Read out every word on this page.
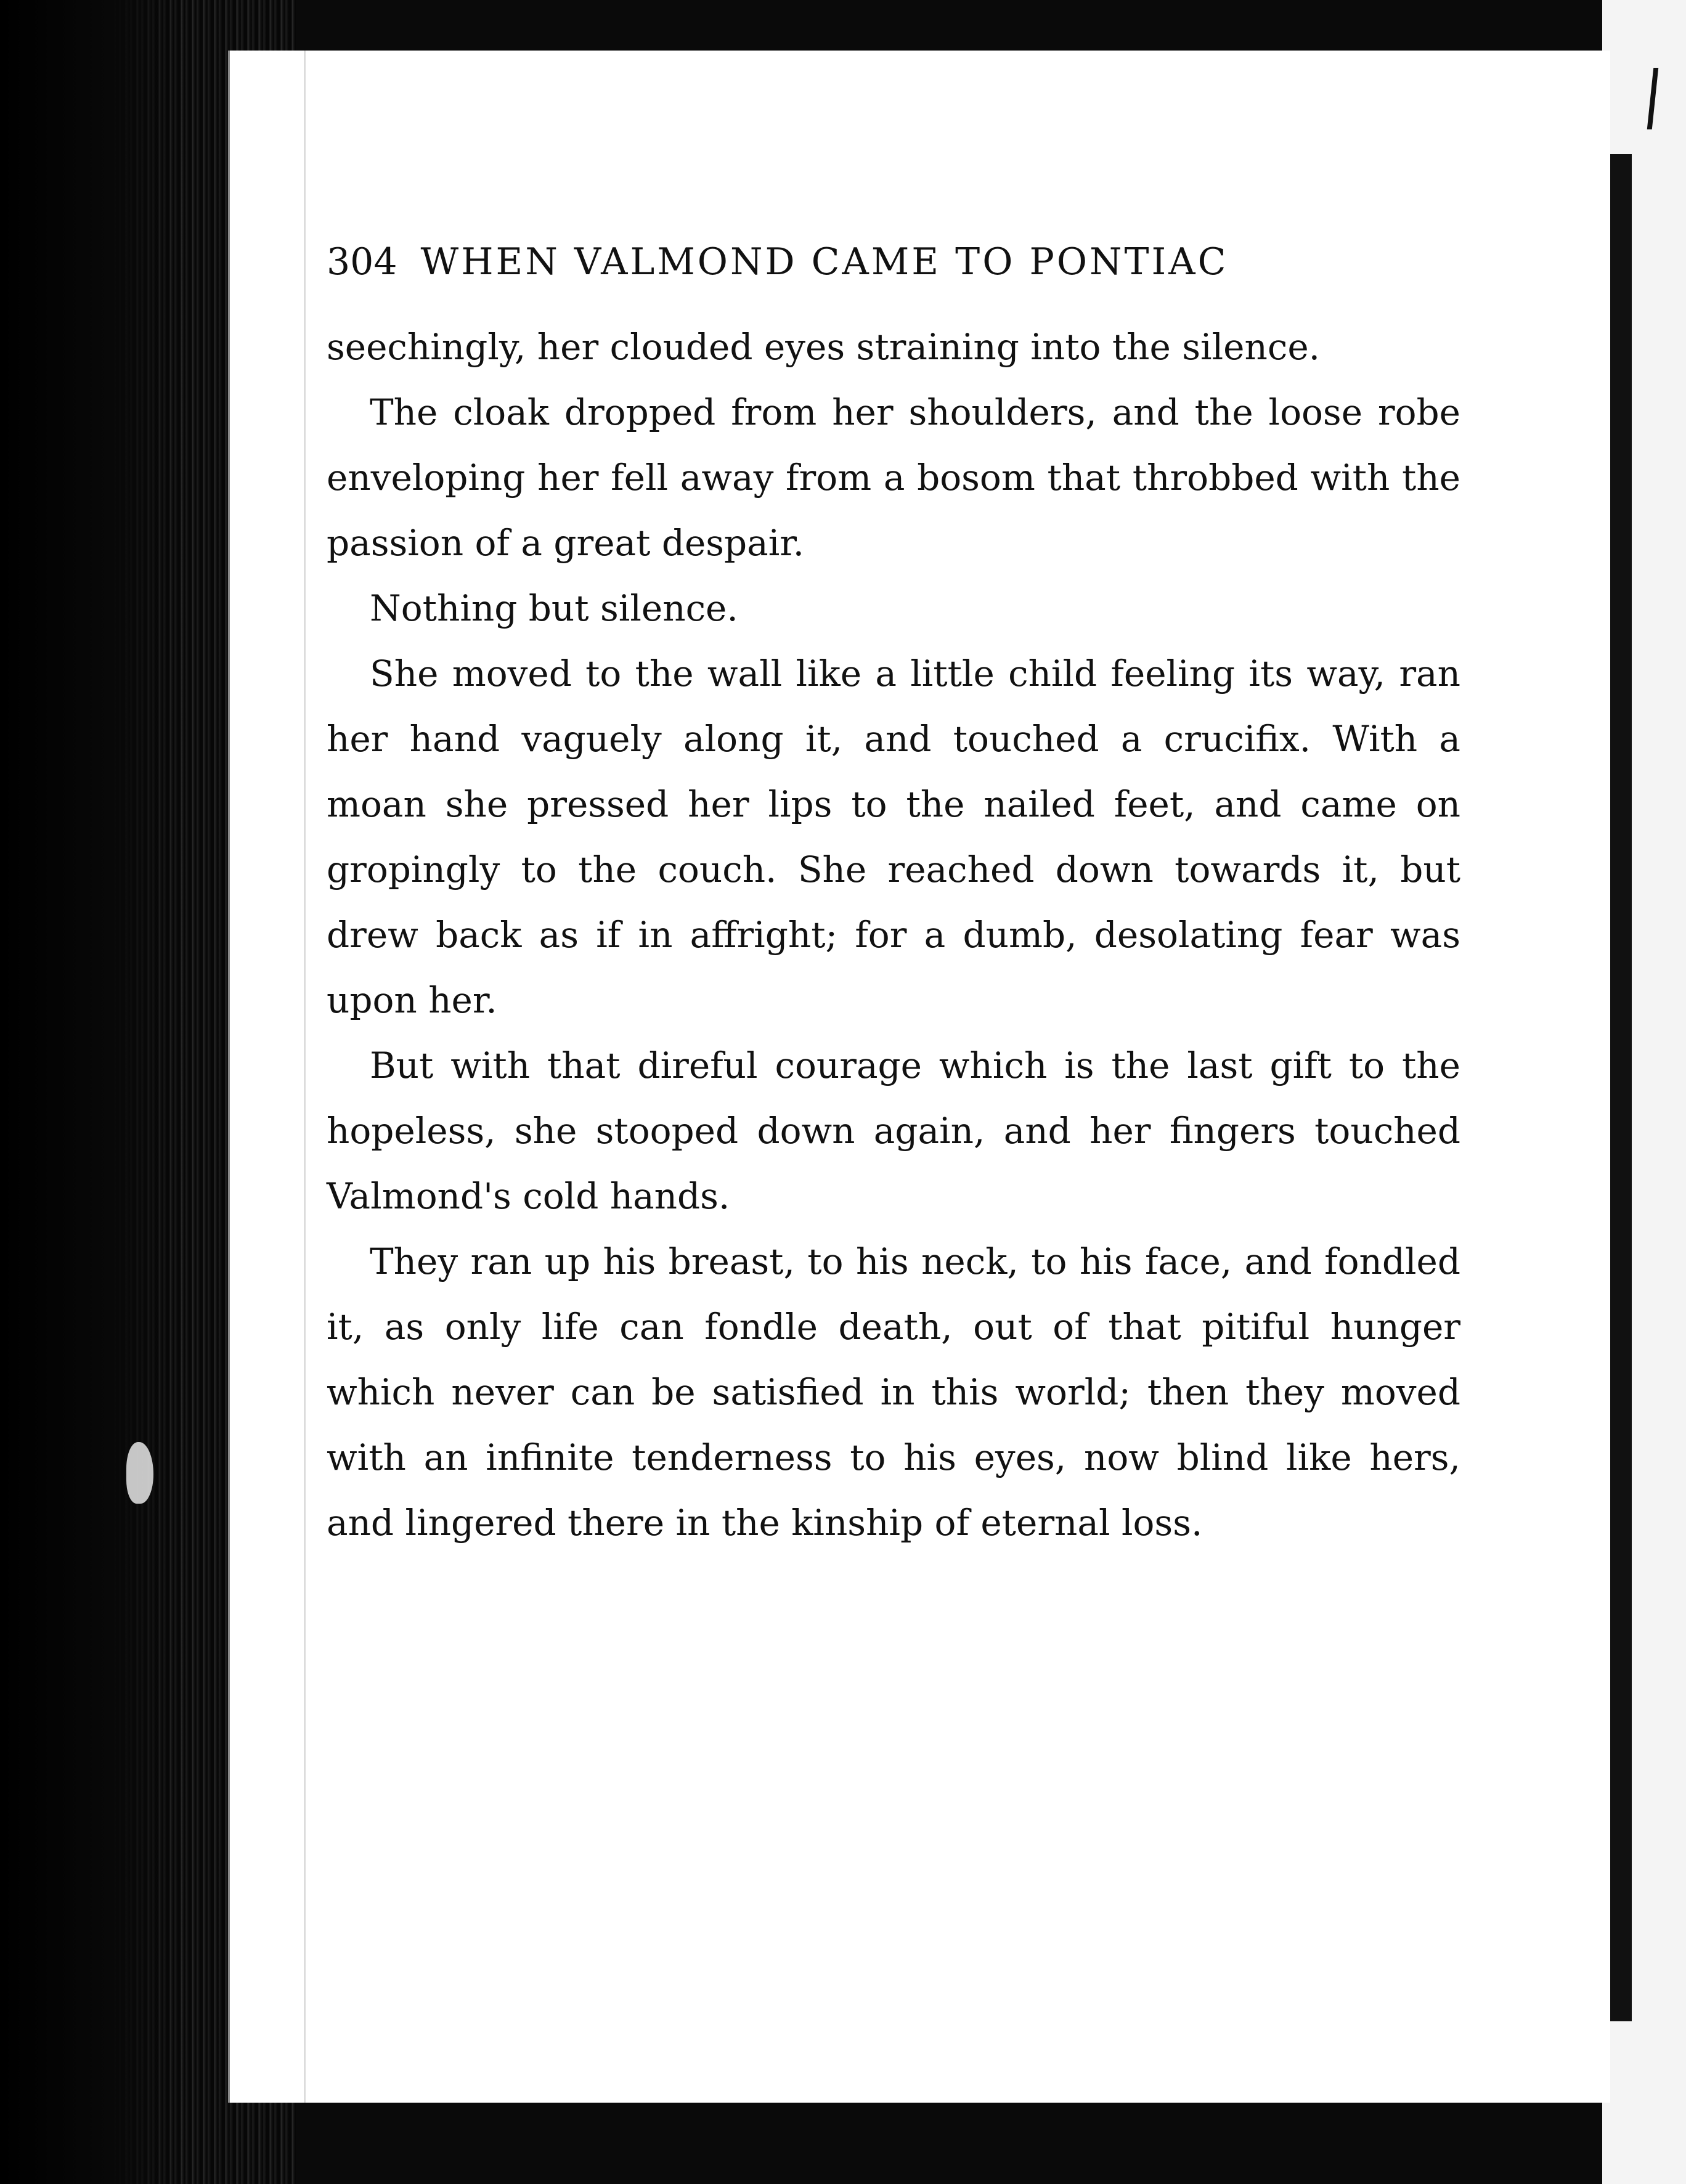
304 WHEN VALMOND CAME TO PONTIAC

seechingly, her clouded eyes straining into the silence.

The cloak dropped from her shoulders, and the loose robe enveloping her fell away from a bosom that throbbed with the passion of a great despair.

Nothing but silence.

She moved to the wall like a little child feeling its way, ran her hand vaguely along it, and touched a crucifix. With a moan she pressed her lips to the nailed feet, and came on gropingly to the couch. She reached down towards it, but drew back as if in affright; for a dumb, desolating fear was upon her.

But with that direful courage which is the last gift to the hopeless, she stooped down again, and her fingers touched Valmond's cold hands.

They ran up his breast, to his neck, to his face, and fondled it, as only life can fondle death, out of that pitiful hunger which never can be satisfied in this world; then they moved with an infinite tenderness to his eyes, now blind like hers, and lingered there in the kinship of eternal loss.
